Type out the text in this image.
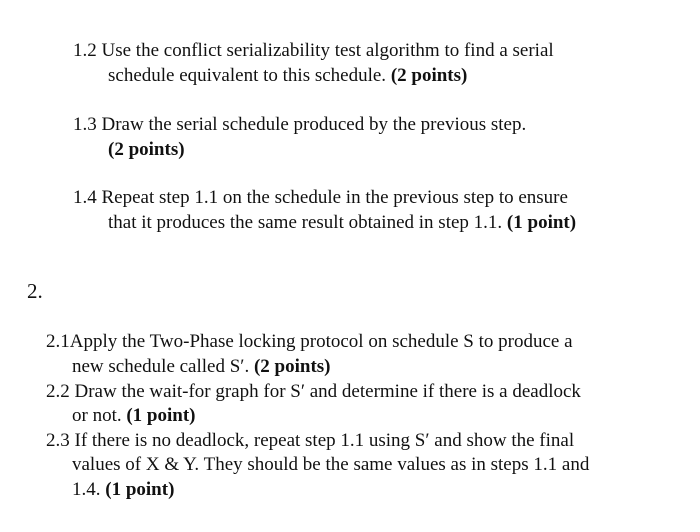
1.2 Use the conflict serializability test algorithm to find a serial
schedule equivalent to this schedule. (2 points)
1.3 Draw the serial schedule produced by the previous step.
(2 points)
1.4 Repeat step 1.1 on the schedule in the previous step to ensure
that it produces the same result obtained in step 1.1. (1 point)
2.
2.1Apply the Two-Phase locking protocol on schedule S to produce a
new schedule called S′. (2 points)
2.2 Draw the wait-for graph for S′ and determine if there is a deadlock
or not. (1 point)
2.3 If there is no deadlock, repeat step 1.1 using S′ and show the final
values of X & Y. They should be the same values as in steps 1.1 and
1.4. (1 point)
